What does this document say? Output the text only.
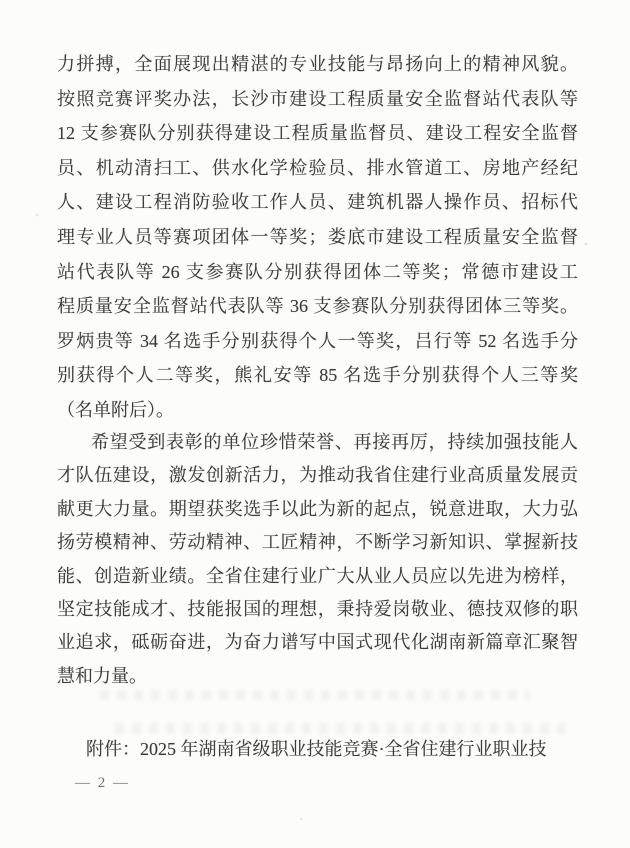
力拼搏，全面展现出精湛的专业技能与昂扬向上的精神风貌。
按照竞赛评奖办法，长沙市建设工程质量安全监督站代表队等
12 支参赛队分别获得建设工程质量监督员、建设工程安全监督
员、机动清扫工、供水化学检验员、排水管道工、房地产经纪
人、建设工程消防验收工作人员、建筑机器人操作员、招标代
理专业人员等赛项团体一等奖；娄底市建设工程质量安全监督
站代表队等 26 支参赛队分别获得团体二等奖；常德市建设工
程质量安全监督站代表队等 36 支参赛队分别获得团体三等奖。
罗炳贵等 34 名选手分别获得个人一等奖，吕行等 52 名选手分
别获得个人二等奖，熊礼安等 85 名选手分别获得个人三等奖
（名单附后）。
希望受到表彰的单位珍惜荣誉、再接再厉，持续加强技能人
才队伍建设，激发创新活力，为推动我省住建行业高质量发展贡
献更大力量。期望获奖选手以此为新的起点，锐意进取，大力弘
扬劳模精神、劳动精神、工匠精神，不断学习新知识、掌握新技
能、创造新业绩。全省住建行业广大从业人员应以先进为榜样，
坚定技能成才、技能报国的理想，秉持爱岗敬业、德技双修的职
业追求，砥砺奋进，为奋力谱写中国式现代化湖南新篇章汇聚智
慧和力量。
附件：2025 年湖南省级职业技能竞赛·全省住建行业职业技
— 2 —
